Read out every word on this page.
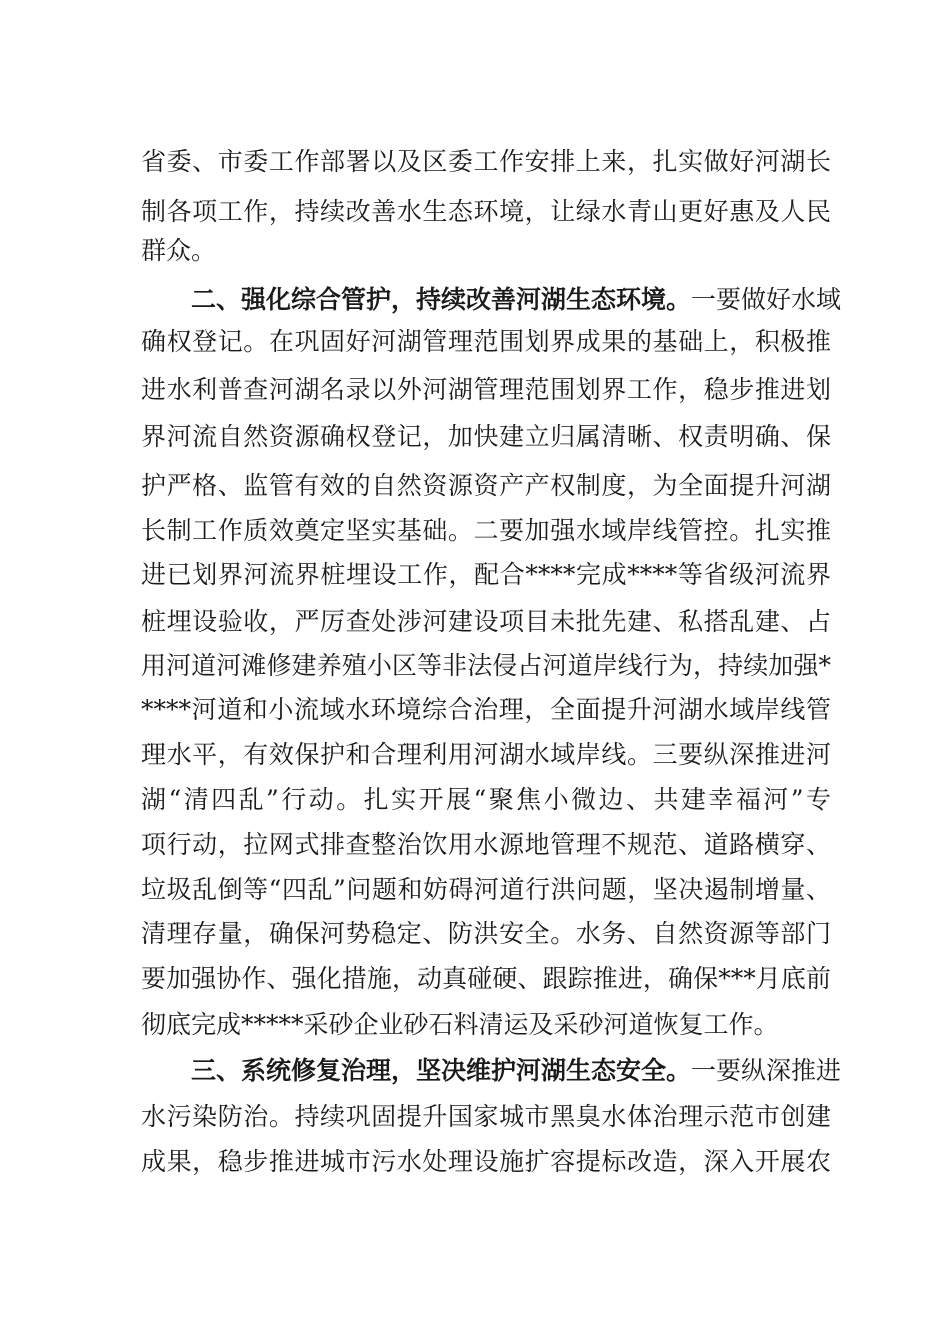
省委、市委工作部署以及区委工作安排上来，扎实做好河湖长
制各项工作，持续改善水生态环境，让绿水青山更好惠及人民
群众。
二、强化综合管护，持续改善河湖生态环境。一要做好水域
确权登记。在巩固好河湖管理范围划界成果的基础上，积极推
进水利普查河湖名录以外河湖管理范围划界工作，稳步推进划
界河流自然资源确权登记，加快建立归属清晰、权责明确、保
护严格、监管有效的自然资源资产产权制度，为全面提升河湖
长制工作质效奠定坚实基础。二要加强水域岸线管控。扎实推
进已划界河流界桩埋设工作，配合****完成****等省级河流界
桩埋设验收，严厉查处涉河建设项目未批先建、私搭乱建、占
用河道河滩修建养殖小区等非法侵占河道岸线行为，持续加强*
****河道和小流域水环境综合治理，全面提升河湖水域岸线管
理水平，有效保护和合理利用河湖水域岸线。三要纵深推进河
湖“清四乱”行动。扎实开展“聚焦小微边、共建幸福河”专
项行动，拉网式排查整治饮用水源地管理不规范、道路横穿、
垃圾乱倒等“四乱”问题和妨碍河道行洪问题，坚决遏制增量、
清理存量，确保河势稳定、防洪安全。水务、自然资源等部门
要加强协作、强化措施，动真碰硬、跟踪推进，确保***月底前
彻底完成*****采砂企业砂石料清运及采砂河道恢复工作。
三、系统修复治理，坚决维护河湖生态安全。一要纵深推进
水污染防治。持续巩固提升国家城市黑臭水体治理示范市创建
成果，稳步推进城市污水处理设施扩容提标改造，深入开展农
